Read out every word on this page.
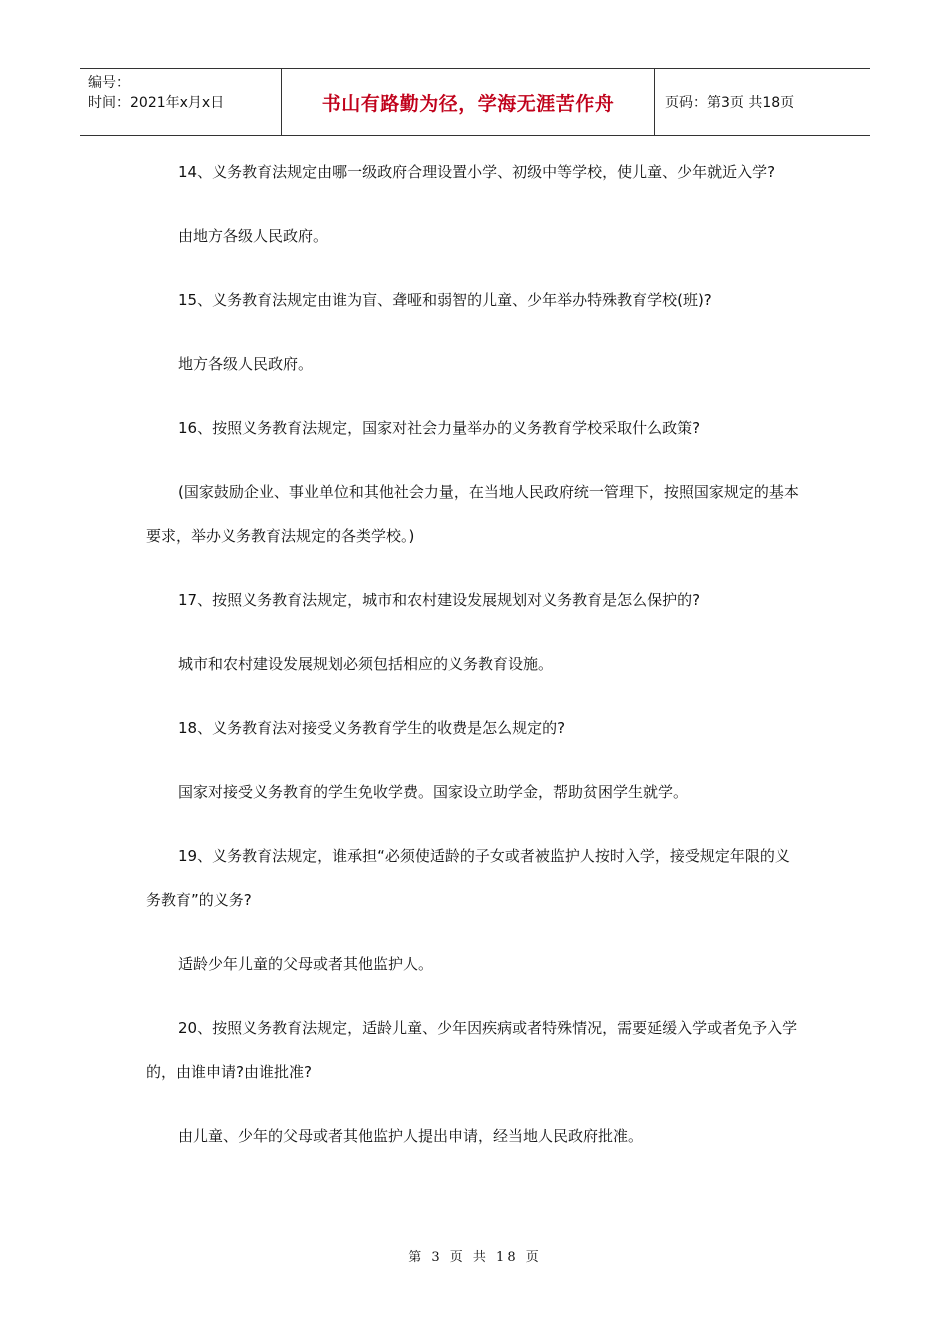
编号：
时间：2021年x月x日	书山有路勤为径，学海无涯苦作舟	页码：第3页 共18页

14、义务教育法规定由哪一级政府合理设置小学、初级中等学校，使儿童、少年就近入学?

由地方各级人民政府。

15、义务教育法规定由谁为盲、聋哑和弱智的儿童、少年举办特殊教育学校(班)?

地方各级人民政府。

16、按照义务教育法规定，国家对社会力量举办的义务教育学校采取什么政策?

(国家鼓励企业、事业单位和其他社会力量，在当地人民政府统一管理下，按照国家规定的基本要求，举办义务教育法规定的各类学校。)

17、按照义务教育法规定，城市和农村建设发展规划对义务教育是怎么保护的?

城市和农村建设发展规划必须包括相应的义务教育设施。

18、义务教育法对接受义务教育学生的收费是怎么规定的?

国家对接受义务教育的学生免收学费。国家设立助学金，帮助贫困学生就学。

19、义务教育法规定，谁承担“必须使适龄的子女或者被监护人按时入学，接受规定年限的义务教育”的义务?

适龄少年儿童的父母或者其他监护人。

20、按照义务教育法规定，适龄儿童、少年因疾病或者特殊情况，需要延缓入学或者免予入学的，由谁申请?由谁批准?

由儿童、少年的父母或者其他监护人提出申请，经当地人民政府批准。

第 3 页 共 18 页
